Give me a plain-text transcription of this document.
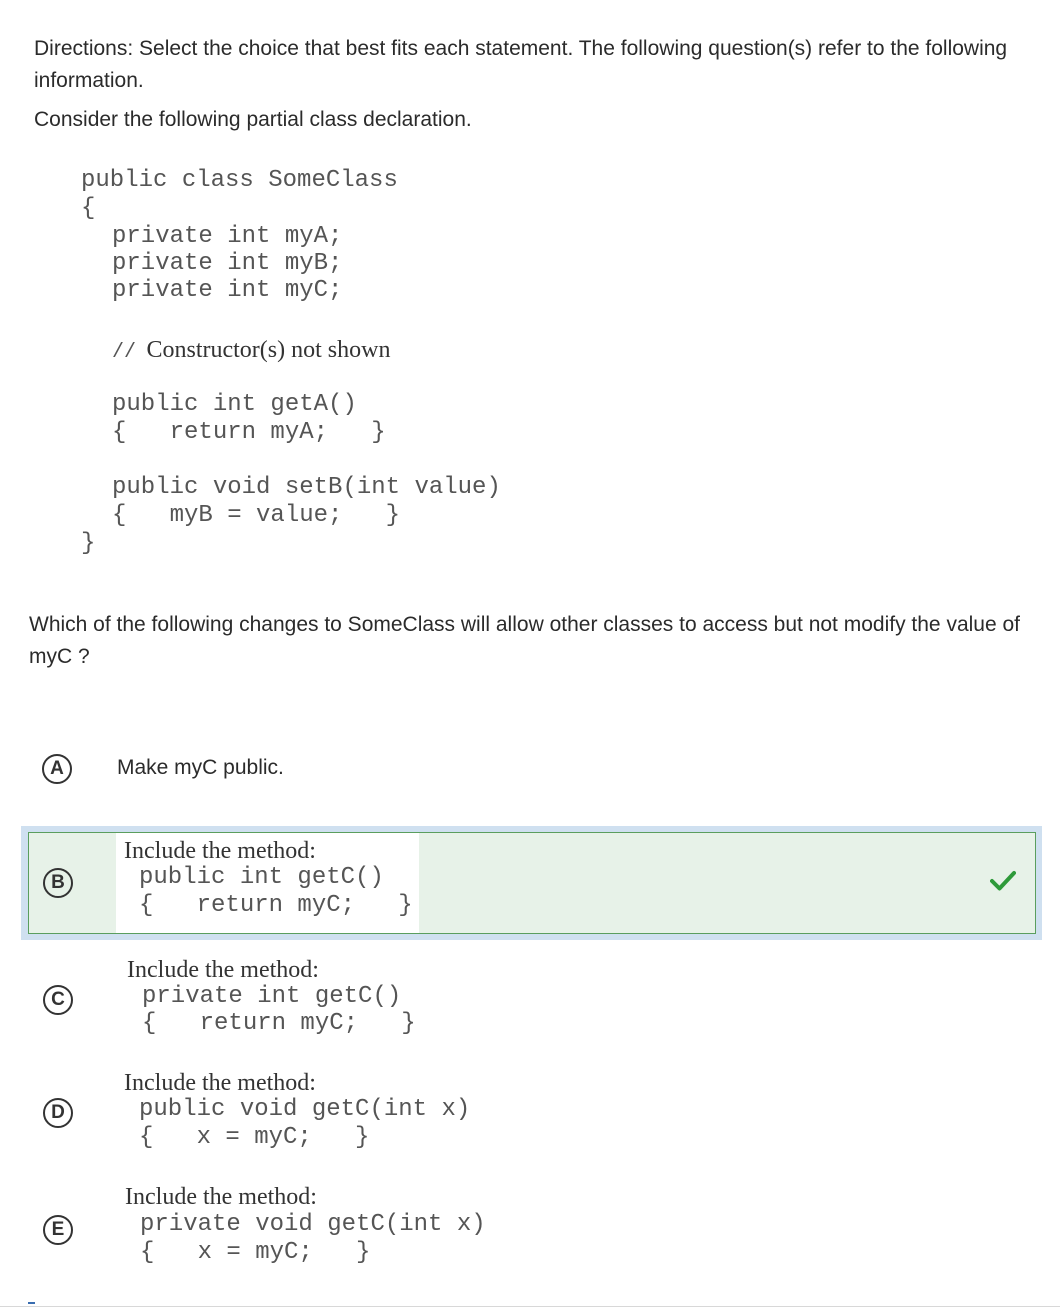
Directions: Select the choice that best fits each statement. The following question(s) refer to the following information.

Consider the following partial class declaration.

public class SomeClass

{

private int myA;

private int myB;

private int myC;

// Constructor(s) not shown

public int getA()

{   return myA;   }

public void setB(int value)

{   myB = value;   }

}

Which of the following changes to SomeClass will allow other classes to access but not modify the value of myC ?

A	Make myC public.

B

Include the method:

public int getC()

{   return myC;   }

C

Include the method:

private int getC()

{   return myC;   }

D

Include the method:

public void getC(int x)

{   x = myC;   }

E

Include the method:

private void getC(int x)

{   x = myC;   }
